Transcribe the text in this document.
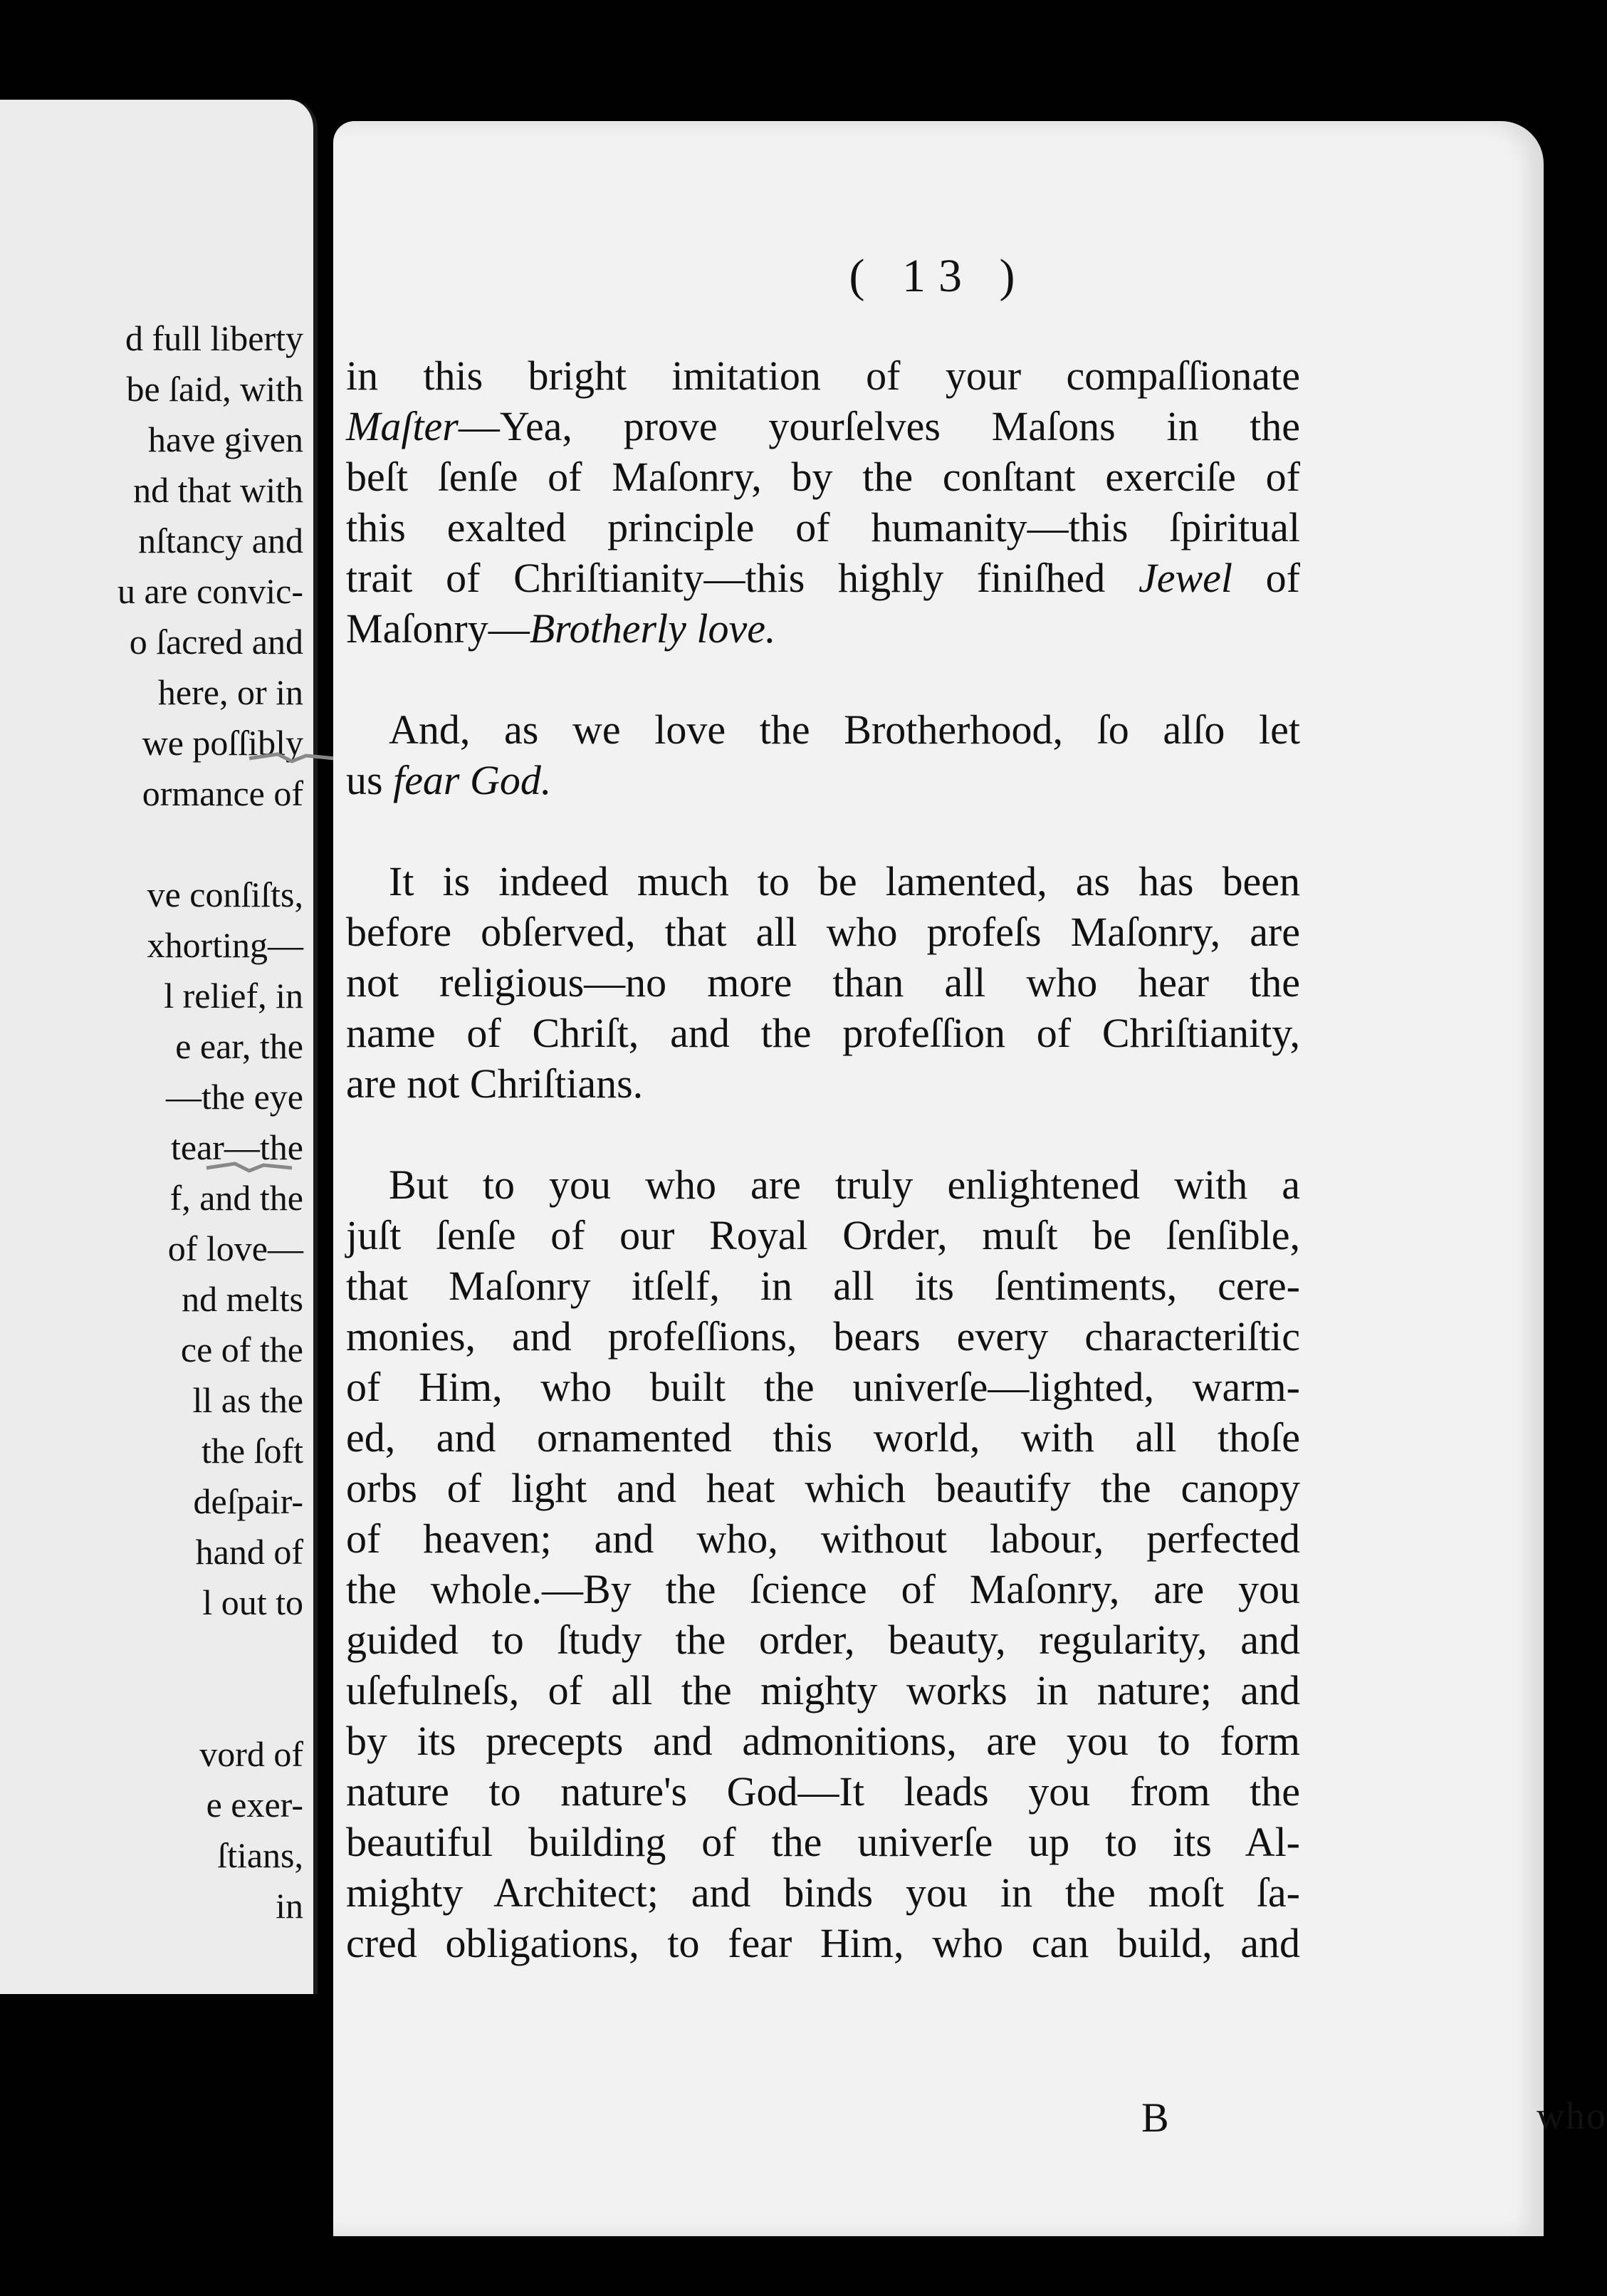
d full liberty
be ſaid, with
have given
nd that with
nſtancy and
u are convic-
o ſacred and
here, or in
we poſſibly
ormance of
ve conſiſts,
xhorting—
l relief, in
e ear, the
—the eye
tear—the
f, and the
of love—
nd melts
ce of the
ll as the
the ſoft
deſpair-
hand of
l out to
vord of
e exer-
ſtians,
in
( 13 )
in this bright imitation of your compaſſionate
Maſter—Yea, prove yourſelves Maſons in the
beſt ſenſe of Maſonry, by the conſtant exerciſe of
this exalted principle of humanity—this ſpiritual
trait of Chriſtianity—this highly finiſhed Jewel of
Maſonry—Brotherly love.
And, as we love the Brotherhood, ſo alſo let
us fear God.
It is indeed much to be lamented, as has been
before obſerved, that all who profeſs Maſonry, are
not religious—no more than all who hear the
name of Chriſt, and the profeſſion of Chriſtianity,
are not Chriſtians.
But to you who are truly enlightened with a
juſt ſenſe of our Royal Order, muſt be ſenſible,
that Maſonry itſelf, in all its ſentiments, cere-
monies, and profeſſions, bears every characteriſtic
of Him, who built the univerſe—lighted, warm-
ed, and ornamented this world, with all thoſe
orbs of light and heat which beautify the canopy
of heaven; and who, without labour, perfected
the whole.—By the ſcience of Maſonry, are you
guided to ſtudy the order, beauty, regularity, and
uſefulneſs, of all the mighty works in nature; and
by its precepts and admonitions, are you to form
nature to nature's God—It leads you from the
beautiful building of the univerſe up to its Al-
mighty Architect; and binds you in the moſt ſa-
cred obligations, to fear Him, who can build, and
B	who
